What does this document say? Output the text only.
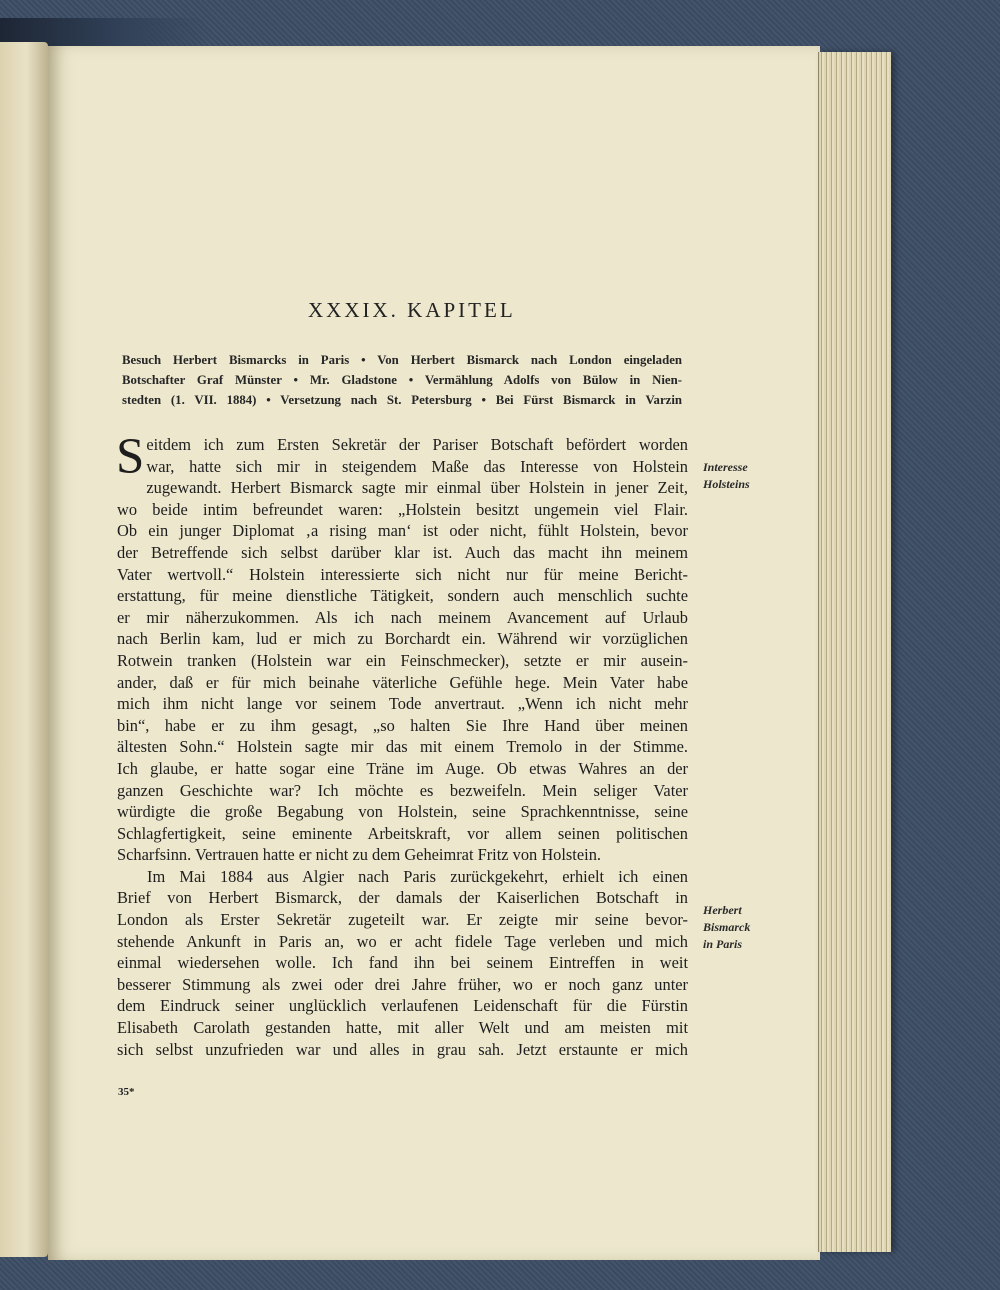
XXXIX. KAPITEL
Besuch Herbert Bismarcks in Paris • Von Herbert Bismarck nach London eingeladen
Botschafter Graf Münster • Mr. Gladstone • Vermählung Adolfs von Bülow in Nien-
stedten (1. VII. 1884) • Versetzung nach St. Petersburg • Bei Fürst Bismarck in Varzin
S eitdem ich zum Ersten Sekretär der Pariser Botschaft befördert worden
war, hatte sich mir in steigendem Maße das Interesse von Holstein
zugewandt. Herbert Bismarck sagte mir einmal über Holstein in jener Zeit,
wo beide intim befreundet waren: „Holstein besitzt ungemein viel Flair.
Ob ein junger Diplomat ‚a rising man‘ ist oder nicht, fühlt Holstein, bevor
der Betreffende sich selbst darüber klar ist. Auch das macht ihn meinem
Vater wertvoll.“ Holstein interessierte sich nicht nur für meine Bericht-
erstattung, für meine dienstliche Tätigkeit, sondern auch menschlich suchte
er mir näherzukommen. Als ich nach meinem Avancement auf Urlaub
nach Berlin kam, lud er mich zu Borchardt ein. Während wir vorzüglichen
Rotwein tranken (Holstein war ein Feinschmecker), setzte er mir ausein-
ander, daß er für mich beinahe väterliche Gefühle hege. Mein Vater habe
mich ihm nicht lange vor seinem Tode anvertraut. „Wenn ich nicht mehr
bin“, habe er zu ihm gesagt, „so halten Sie Ihre Hand über meinen
ältesten Sohn.“ Holstein sagte mir das mit einem Tremolo in der Stimme.
Ich glaube, er hatte sogar eine Träne im Auge. Ob etwas Wahres an der
ganzen Geschichte war? Ich möchte es bezweifeln. Mein seliger Vater
würdigte die große Begabung von Holstein, seine Sprachkenntnisse, seine
Schlagfertigkeit, seine eminente Arbeitskraft, vor allem seinen politischen
Scharfsinn. Vertrauen hatte er nicht zu dem Geheimrat Fritz von Holstein.
Im Mai 1884 aus Algier nach Paris zurückgekehrt, erhielt ich einen
Brief von Herbert Bismarck, der damals der Kaiserlichen Botschaft in
London als Erster Sekretär zugeteilt war. Er zeigte mir seine bevor-
stehende Ankunft in Paris an, wo er acht fidele Tage verleben und mich
einmal wiedersehen wolle. Ich fand ihn bei seinem Eintreffen in weit
besserer Stimmung als zwei oder drei Jahre früher, wo er noch ganz unter
dem Eindruck seiner unglücklich verlaufenen Leidenschaft für die Fürstin
Elisabeth Carolath gestanden hatte, mit aller Welt und am meisten mit
sich selbst unzufrieden war und alles in grau sah. Jetzt erstaunte er mich
Interesse
Holsteins
Herbert
Bismarck
in Paris
35*
